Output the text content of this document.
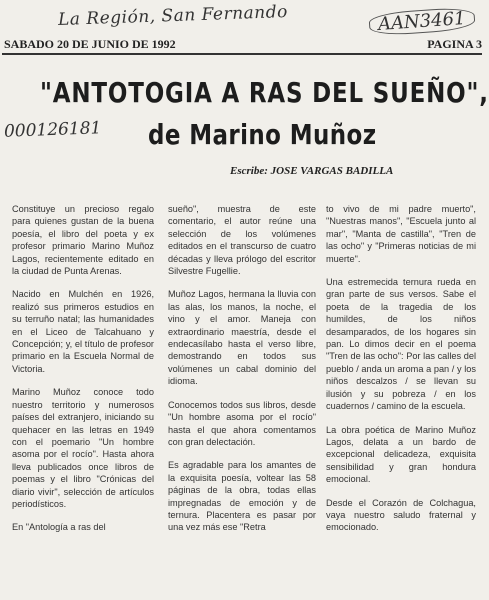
La Región, San Fernando	AAN3461
000126181
SABADO 20 DE JUNIO DE 1992	PAGINA 3
"ANTOTOGIA A RAS DEL SUEÑO",
de Marino Muñoz
Escribe: JOSE VARGAS BADILLA

Constituye un precioso regalo para quienes gustan de la buena poesía, el libro del poeta y ex profesor primario Marino Muñoz Lagos, recientemente editado en la ciudad de Punta Arenas.

Nacido en Mulchén en 1926, realizó sus primeros estudios en su terruño natal; las humanidades en el Liceo de Talcahuano y Concepción; y, el título de profesor primario en la Escuela Normal de Victoria.

Marino Muñoz conoce todo nuestro territorio y numerosos países del extranjero, iniciando su quehacer en las letras en 1949 con el poemario "Un hombre asoma por el rocío". Hasta ahora lleva publicados once libros de poemas y el libro "Crónicas del diario vivir", selección de artículos periodísticos.

En "Antología a ras del

sueño", muestra de este comentario, el autor reúne una selección de los volúmenes editados en el transcurso de cuatro décadas y lleva prólogo del escritor Silvestre Fugellie.

Muñoz Lagos, hermana la lluvia con las alas, los manos, la noche, el vino y el amor. Maneja con extraordinario maestría, desde el endecasílabo hasta el verso libre, demostrando en todos sus volúmenes un cabal dominio del idioma.

Conocemos todos sus libros, desde "Un hombre asoma por el rocío" hasta el que ahora comentamos con gran delectación.

Es agradable para los amantes de la exquisita poesía, voltear las 58 páginas de la obra, todas ellas impregnadas de emoción y de ternura. Placentera es pasar por una vez más ese "Retra

to vivo de mi padre muerto", "Nuestras manos", "Escuela junto al mar", "Manta de castilla", "Tren de las ocho" y "Primeras noticias de mi muerte".

Una estremecida ternura rueda en gran parte de sus versos. Sabe el poeta de la tragedia de los humildes, de los niños desamparados, de los hogares sin pan. Lo dimos decir en el poema "Tren de las ocho": Por las calles del pueblo / anda un aroma a pan / y los niños descalzos / se llevan su ilusión y su pobreza / en los cuadernos / camino de la escuela.

La obra poética de Marino Muñoz Lagos, delata a un bardo de excepcional delicadeza, exquisita sensibilidad y gran hondura emocional.

Desde el Corazón de Colchagua, vaya nuestro saludo fraternal y emocionado.
